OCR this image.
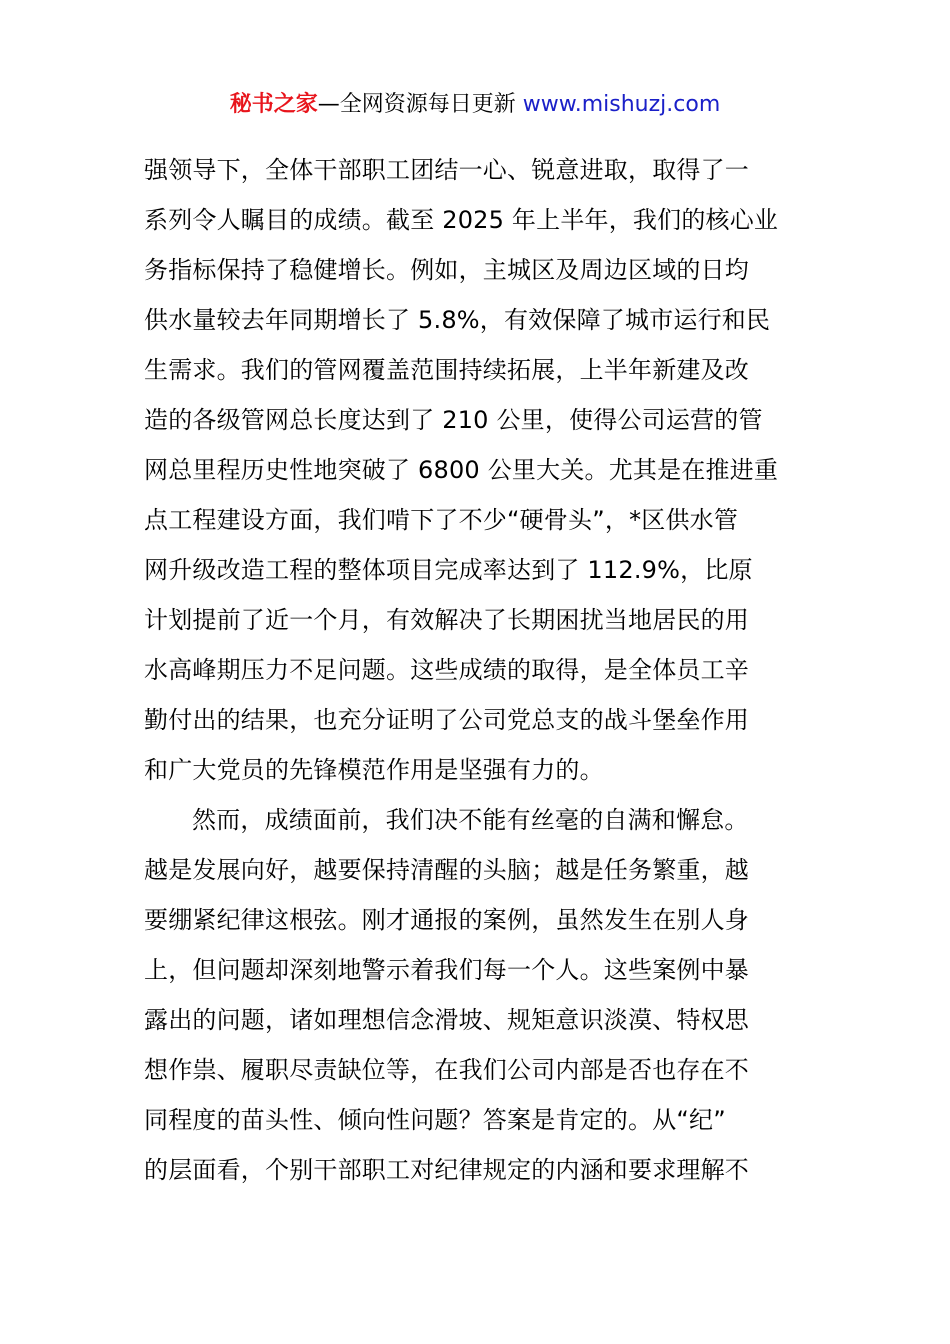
秘书之家—全网资源每日更新 www.mishuzj.com
强领导下，全体干部职工团结一心、锐意进取，取得了一
系列令人瞩目的成绩。截至 2025 年上半年，我们的核心业
务指标保持了稳健增长。例如，主城区及周边区域的日均
供水量较去年同期增长了 5.8%，有效保障了城市运行和民
生需求。我们的管网覆盖范围持续拓展，上半年新建及改
造的各级管网总长度达到了 210 公里，使得公司运营的管
网总里程历史性地突破了 6800 公里大关。尤其是在推进重
点工程建设方面，我们啃下了不少“硬骨头”，*区供水管
网升级改造工程的整体项目完成率达到了 112.9%，比原
计划提前了近一个月，有效解决了长期困扰当地居民的用
水高峰期压力不足问题。这些成绩的取得，是全体员工辛
勤付出的结果，也充分证明了公司党总支的战斗堡垒作用
和广大党员的先锋模范作用是坚强有力的。
然而，成绩面前，我们决不能有丝毫的自满和懈怠。
越是发展向好，越要保持清醒的头脑；越是任务繁重，越
要绷紧纪律这根弦。刚才通报的案例，虽然发生在别人身
上，但问题却深刻地警示着我们每一个人。这些案例中暴
露出的问题，诸如理想信念滑坡、规矩意识淡漠、特权思
想作祟、履职尽责缺位等，在我们公司内部是否也存在不
同程度的苗头性、倾向性问题？答案是肯定的。从“纪”
的层面看，个别干部职工对纪律规定的内涵和要求理解不
